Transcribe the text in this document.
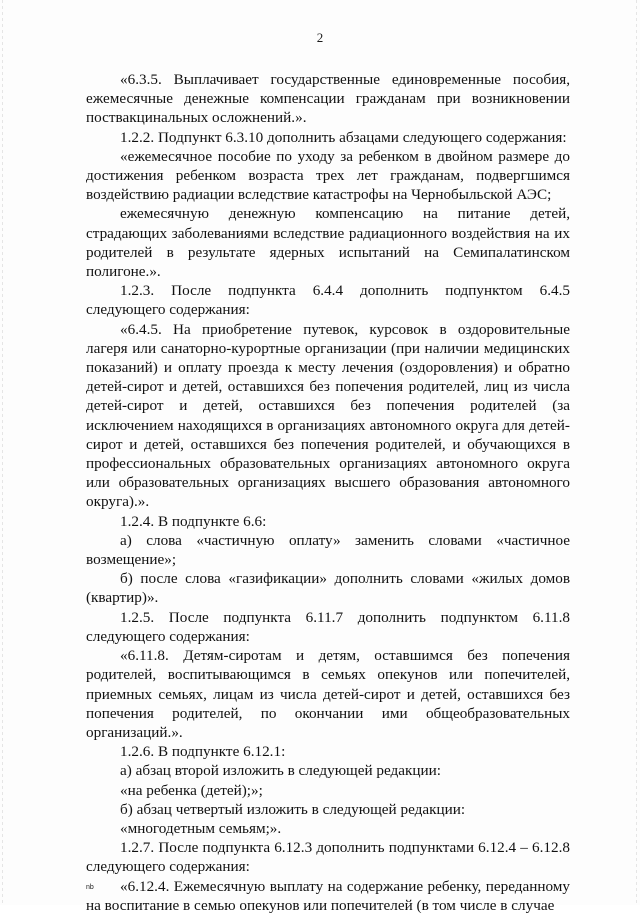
2

«6.3.5. Выплачивает государственные единовременные пособия, ежемесячные денежные компенсации гражданам при возникновении поствакцинальных осложнений.».

1.2.2. Подпункт 6.3.10 дополнить абзацами следующего содержания:

«ежемесячное пособие по уходу за ребенком в двойном размере до достижения ребенком возраста трех лет гражданам, подвергшимся воздействию радиации вследствие катастрофы на Чернобыльской АЭС;

ежемесячную денежную компенсацию на питание детей, страдающих заболеваниями вследствие радиационного воздействия на их родителей в результате ядерных испытаний на Семипалатинском полигоне.».

1.2.3. После подпункта 6.4.4 дополнить подпунктом 6.4.5 следующего содержания:

«6.4.5. На приобретение путевок, курсовок в оздоровительные лагеря или санаторно-курортные организации (при наличии медицинских показаний) и оплату проезда к месту лечения (оздоровления) и обратно детей-сирот и детей, оставшихся без попечения родителей, лиц из числа детей-сирот и детей, оставшихся без попечения родителей (за исключением находящихся в организациях автономного округа для детей-сирот и детей, оставшихся без попечения родителей, и обучающихся в профессиональных образовательных организациях автономного округа или образовательных организациях высшего образования автономного округа).».

1.2.4. В подпункте 6.6:

а) слова «частичную оплату» заменить словами «частичное возмещение»;

б) после слова «газификации» дополнить словами «жилых домов (квартир)».

1.2.5. После подпункта 6.11.7 дополнить подпунктом 6.11.8 следующего содержания:

«6.11.8. Детям-сиротам и детям, оставшимся без попечения родителей, воспитывающимся в семьях опекунов или попечителей, приемных семьях, лицам из числа детей-сирот и детей, оставшихся без попечения родителей, по окончании ими общеобразовательных организаций.».

1.2.6. В подпункте 6.12.1:

а) абзац второй изложить в следующей редакции:

«на ребенка (детей);»;

б) абзац четвертый изложить в следующей редакции:

«многодетным семьям;».

1.2.7. После подпункта 6.12.3 дополнить подпунктами 6.12.4 – 6.12.8 следующего содержания:

«6.12.4. Ежемесячную выплату на содержание ребенку, переданному на воспитание в семью опекунов или попечителей (в том числе в случае

nb
